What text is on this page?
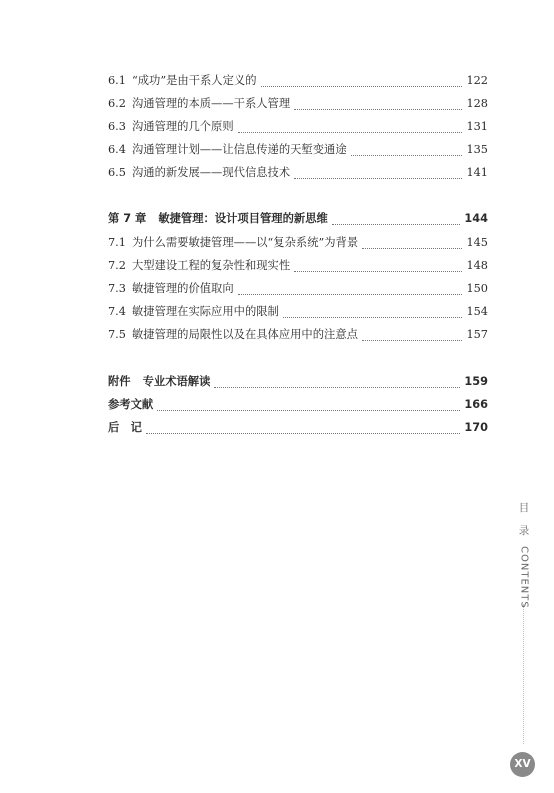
6.1 “成功”是由干系人定义的	122
6.2 沟通管理的本质——干系人管理	128
6.3 沟通管理的几个原则	131
6.4 沟通管理计划——让信息传递的天堑变通途	135
6.5 沟通的新发展——现代信息技术	141
第 7 章 敏捷管理：设计项目管理的新思维	144
7.1 为什么需要敏捷管理——以“复杂系统”为背景	145
7.2 大型建设工程的复杂性和现实性	148
7.3 敏捷管理的价值取向	150
7.4 敏捷管理在实际应用中的限制	154
7.5 敏捷管理的局限性以及在具体应用中的注意点	157
附件 专业术语解读	159
参考文献	166
后　记	170
目
录
CONTENTS
XV
